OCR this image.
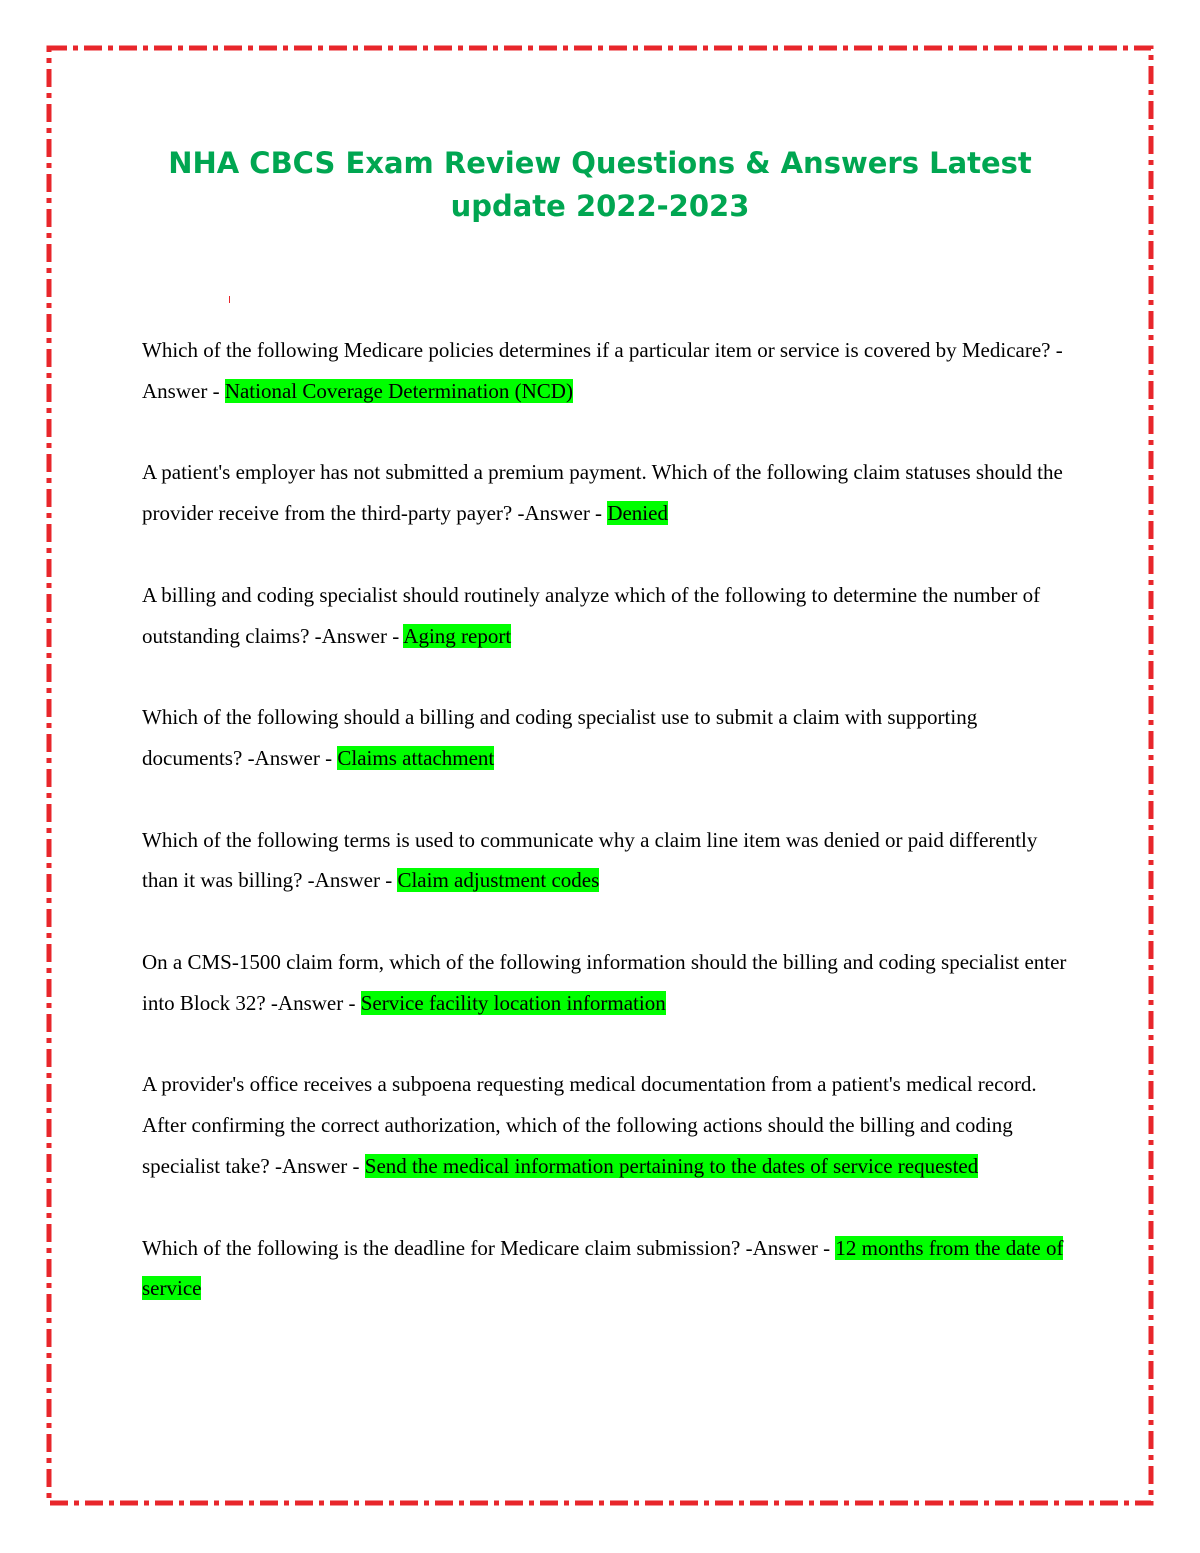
NHA CBCS Exam Review Questions & Answers Latest
update 2022-2023

Which of the following Medicare policies determines if a particular item or service is covered by Medicare? -Answer - National Coverage Determination (NCD)

A patient's employer has not submitted a premium payment. Which of the following claim statuses should the provider receive from the third-party payer? -Answer - Denied

A billing and coding specialist should routinely analyze which of the following to determine the number of outstanding claims? -Answer - Aging report

Which of the following should a billing and coding specialist use to submit a claim with supporting documents? -Answer - Claims attachment

Which of the following terms is used to communicate why a claim line item was denied or paid differently than it was billing? -Answer - Claim adjustment codes

On a CMS-1500 claim form, which of the following information should the billing and coding specialist enter into Block 32? -Answer - Service facility location information

A provider's office receives a subpoena requesting medical documentation from a patient's medical record. After confirming the correct authorization, which of the following actions should the billing and coding specialist take? -Answer - Send the medical information pertaining to the dates of service requested

Which of the following is the deadline for Medicare claim submission? -Answer - 12 months from the date of service
